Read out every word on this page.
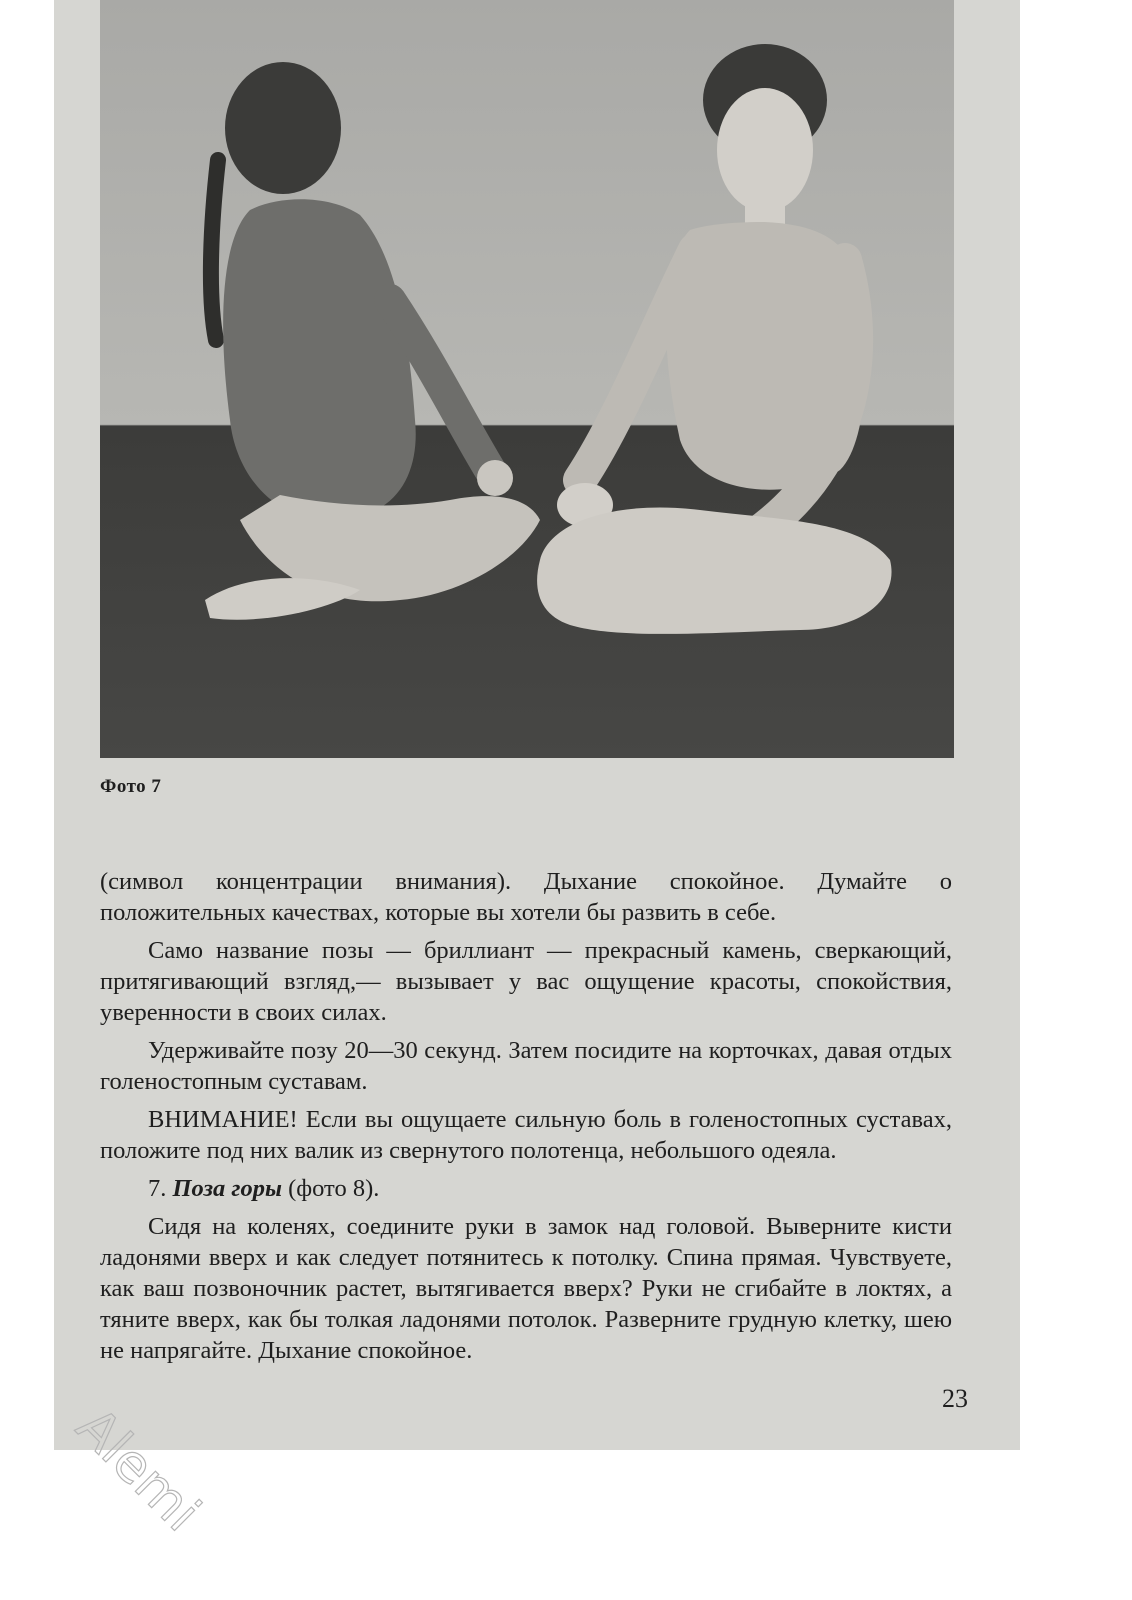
Фото 7

(символ концентрации внимания). Дыхание спокойное. Думайте о положительных качествах, которые вы хотели бы развить в себе.

Само название позы — бриллиант — прекрасный камень, сверкающий, притягивающий взгляд,— вызывает у вас ощущение красоты, спокойствия, уверенности в своих силах.

Удерживайте позу 20—30 секунд. Затем посидите на корточках, давая отдых голеностопным суставам.

ВНИМАНИЕ! Если вы ощущаете сильную боль в голеностопных суставах, положите под них валик из свернутого полотенца, небольшого одеяла.

7. Поза горы (фото 8).

Сидя на коленях, соедините руки в замок над головой. Выверните кисти ладонями вверх и как следует потянитесь к потолку. Спина прямая. Чувствуете, как ваш позвоночник растет, вытягивается вверх? Руки не сгибайте в локтях, а тяните вверх, как бы толкая ладонями потолок. Разверните грудную клетку, шею не напрягайте. Дыхание спокойное.

23
Alemi
